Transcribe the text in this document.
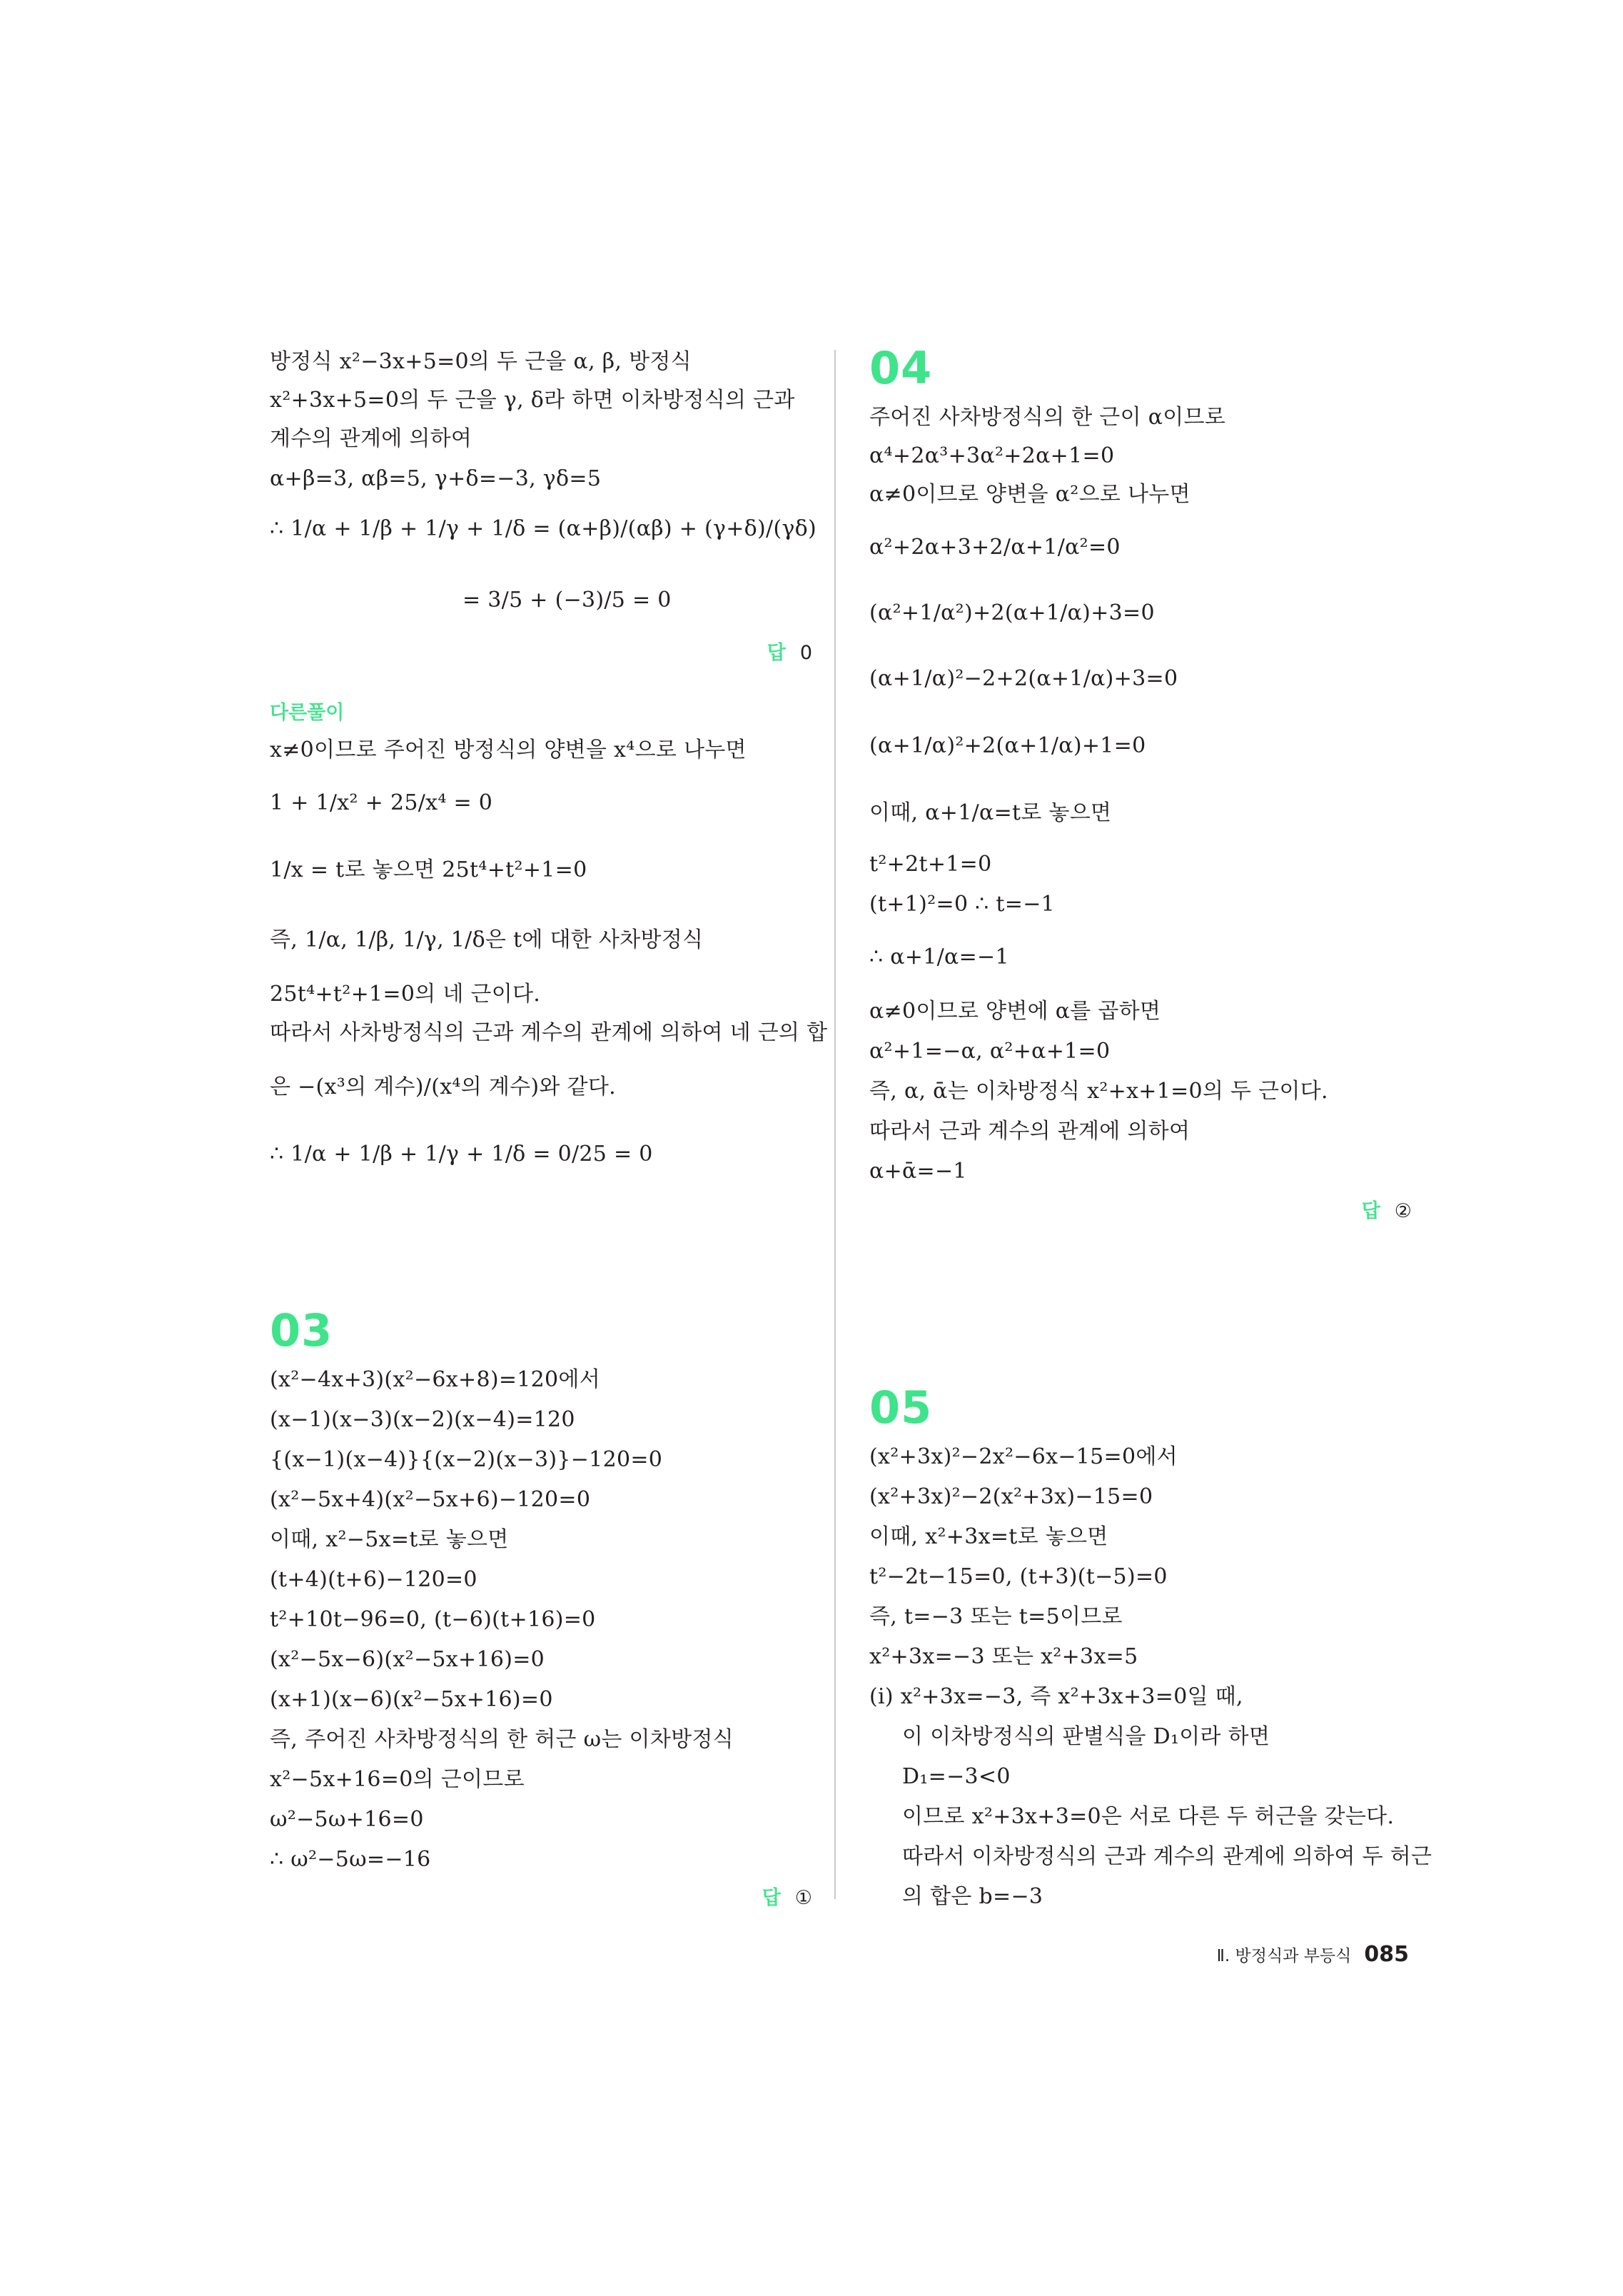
방정식 x²−3x+5=0의 두 근을 α, β, 방정식
x²+3x+5=0의 두 근을 γ, δ라 하면 이차방정식의 근과
계수의 관계에 의하여
α+β=3, αβ=5, γ+δ=−3, γδ=5
∴ 1/α + 1/β + 1/γ + 1/δ = (α+β)/(αβ) + (γ+δ)/(γδ)
= 3/5 + (−3)/5 = 0
답 0
다른풀이
x≠0이므로 주어진 방정식의 양변을 x⁴으로 나누면
1 + 1/x² + 25/x⁴ = 0
1/x = t로 놓으면 25t⁴+t²+1=0
즉, 1/α, 1/β, 1/γ, 1/δ은 t에 대한 사차방정식
25t⁴+t²+1=0의 네 근이다.
따라서 사차방정식의 근과 계수의 관계에 의하여 네 근의 합
은 −(x³의 계수)/(x⁴의 계수)와 같다.
∴ 1/α + 1/β + 1/γ + 1/δ = 0/25 = 0
03
(x²−4x+3)(x²−6x+8)=120에서
(x−1)(x−3)(x−2)(x−4)=120
{(x−1)(x−4)}{(x−2)(x−3)}−120=0
(x²−5x+4)(x²−5x+6)−120=0
이때, x²−5x=t로 놓으면
(t+4)(t+6)−120=0
t²+10t−96=0, (t−6)(t+16)=0
(x²−5x−6)(x²−5x+16)=0
(x+1)(x−6)(x²−5x+16)=0
즉, 주어진 사차방정식의 한 허근 ω는 이차방정식
x²−5x+16=0의 근이므로
ω²−5ω+16=0
∴ ω²−5ω=−16
답 ①
04
주어진 사차방정식의 한 근이 α이므로
α⁴+2α³+3α²+2α+1=0
α≠0이므로 양변을 α²으로 나누면
α²+2α+3+2/α+1/α²=0
(α²+1/α²)+2(α+1/α)+3=0
(α+1/α)²−2+2(α+1/α)+3=0
(α+1/α)²+2(α+1/α)+1=0
이때, α+1/α=t로 놓으면
t²+2t+1=0
(t+1)²=0 ∴ t=−1
∴ α+1/α=−1
α≠0이므로 양변에 α를 곱하면
α²+1=−α, α²+α+1=0
즉, α, ᾱ는 이차방정식 x²+x+1=0의 두 근이다.
따라서 근과 계수의 관계에 의하여
α+ᾱ=−1
답 ②
05
(x²+3x)²−2x²−6x−15=0에서
(x²+3x)²−2(x²+3x)−15=0
이때, x²+3x=t로 놓으면
t²−2t−15=0, (t+3)(t−5)=0
즉, t=−3 또는 t=5이므로
x²+3x=−3 또는 x²+3x=5
(ⅰ) x²+3x=−3, 즉 x²+3x+3=0일 때,
이 이차방정식의 판별식을 D₁이라 하면
D₁=−3<0
이므로 x²+3x+3=0은 서로 다른 두 허근을 갖는다.
따라서 이차방정식의 근과 계수의 관계에 의하여 두 허근
의 합은 b=−3
Ⅱ. 방정식과 부등식 085
